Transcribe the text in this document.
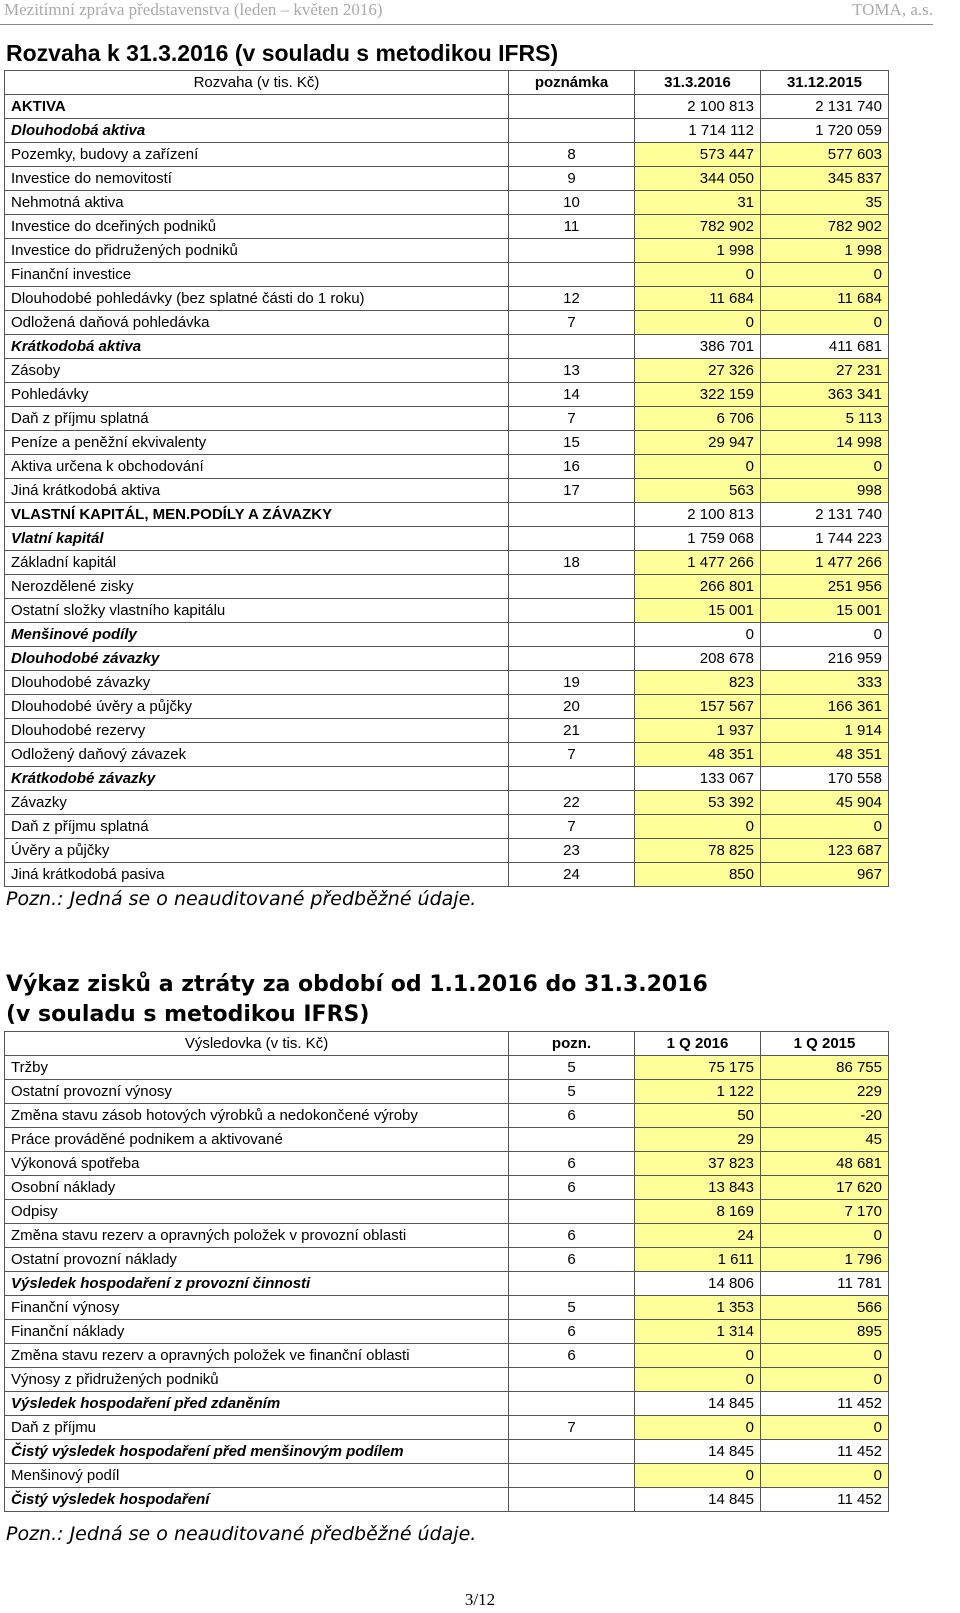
Mezitímní zpráva představenstva (leden – květen 2016)	TOMA, a.s.
Rozvaha k 31.3.2016 (v souladu s metodikou IFRS)
Rozvaha (v tis. Kč)	poznámka	31.3.2016	31.12.2015
AKTIVA		2 100 813	2 131 740
Dlouhodobá aktiva		1 714 112	1 720 059
Pozemky, budovy a zařízení	8	573 447	577 603
Investice do nemovitostí	9	344 050	345 837
Nehmotná aktiva	10	31	35
Investice do dceřiných podniků	11	782 902	782 902
Investice do přidružených podniků		1 998	1 998
Finanční investice		0	0
Dlouhodobé pohledávky (bez splatné části do 1 roku)	12	11 684	11 684
Odložená daňová pohledávka	7	0	0
Krátkodobá aktiva		386 701	411 681
Zásoby	13	27 326	27 231
Pohledávky	14	322 159	363 341
Daň z příjmu splatná	7	6 706	5 113
Peníze a peněžní ekvivalenty	15	29 947	14 998
Aktiva určena k obchodování	16	0	0
Jiná krátkodobá aktiva	17	563	998
VLASTNÍ KAPITÁL, MEN.PODÍLY A ZÁVAZKY		2 100 813	2 131 740
Vlatní kapitál		1 759 068	1 744 223
Základní kapitál	18	1 477 266	1 477 266
Nerozdělené zisky		266 801	251 956
Ostatní složky vlastního kapitálu		15 001	15 001
Menšinové podíly		0	0
Dlouhodobé závazky		208 678	216 959
Dlouhodobé závazky	19	823	333
Dlouhodobé úvěry a půjčky	20	157 567	166 361
Dlouhodobé rezervy	21	1 937	1 914
Odložený daňový závazek	7	48 351	48 351
Krátkodobé závazky		133 067	170 558
Závazky	22	53 392	45 904
Daň z příjmu splatná	7	0	0
Úvěry a půjčky	23	78 825	123 687
Jiná krátkodobá pasiva	24	850	967
Pozn.: Jedná se o neauditované předběžné údaje.
Výkaz zisků a ztráty za období od 1.1.2016 do 31.3.2016
(v souladu s metodikou IFRS)
Výsledovka (v tis. Kč)	pozn.	1 Q 2016	1 Q 2015
Tržby	5	75 175	86 755
Ostatní provozní výnosy	5	1 122	229
Změna stavu zásob hotových výrobků a nedokončené výroby	6	50	-20
Práce prováděné podnikem a aktivované		29	45
Výkonová spotřeba	6	37 823	48 681
Osobní náklady	6	13 843	17 620
Odpisy		8 169	7 170
Změna stavu rezerv a opravných položek v provozní oblasti	6	24	0
Ostatní provozní náklady	6	1 611	1 796
Výsledek hospodaření z provozní činnosti		14 806	11 781
Finanční výnosy	5	1 353	566
Finanční náklady	6	1 314	895
Změna stavu rezerv a opravných položek ve finanční oblasti	6	0	0
Výnosy z přidružených podniků		0	0
Výsledek hospodaření před zdaněním		14 845	11 452
Daň z příjmu	7	0	0
Čistý výsledek hospodaření před menšinovým podílem		14 845	11 452
Menšinový podíl		0	0
Čistý výsledek hospodaření		14 845	11 452
Pozn.: Jedná se o neauditované předběžné údaje.
3/12
